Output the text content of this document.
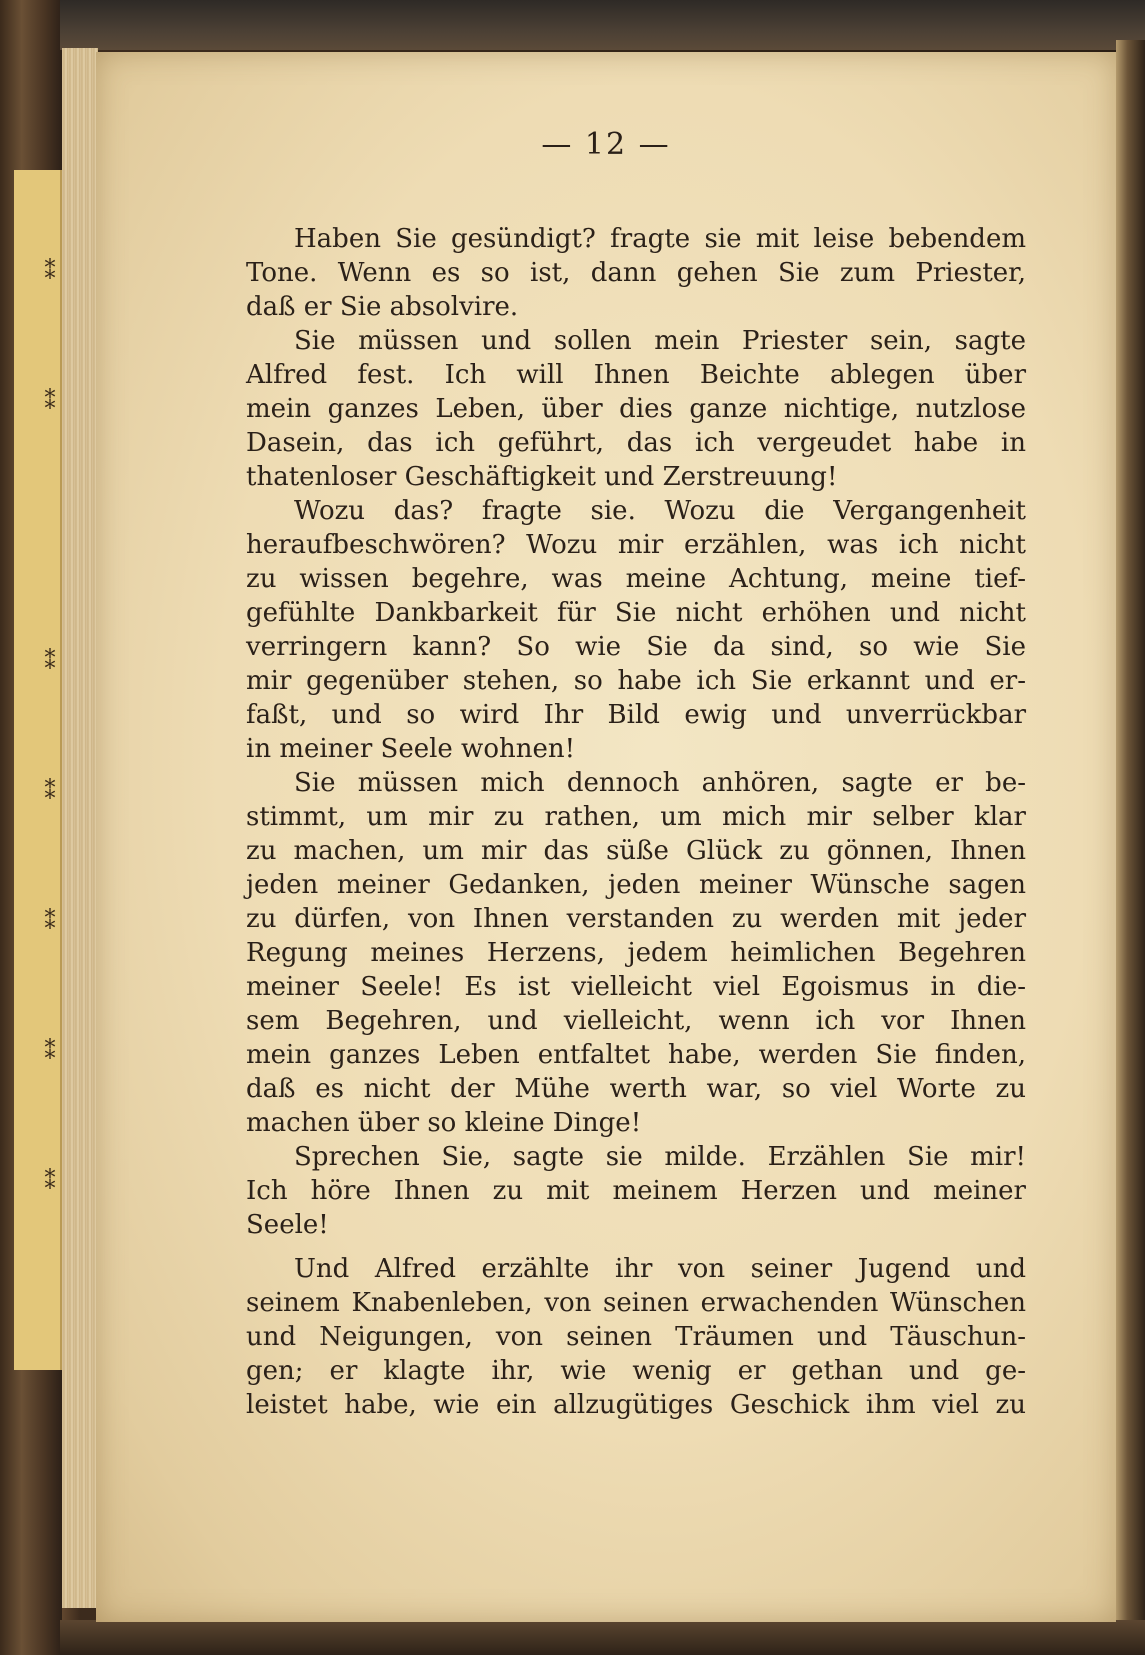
⁑
⁑
⁑
⁑
⁑
⁑
⁑
— 12 —
Haben Sie gesündigt? fragte sie mit leise bebendem
Tone. Wenn es so ist, dann gehen Sie zum Priester,
daß er Sie absolvire.
Sie müssen und sollen mein Priester sein, sagte
Alfred fest. Ich will Ihnen Beichte ablegen über
mein ganzes Leben, über dies ganze nichtige, nutzlose
Dasein, das ich geführt, das ich vergeudet habe in
thatenloser Geschäftigkeit und Zerstreuung!
Wozu das? fragte sie. Wozu die Vergangenheit
heraufbeschwören? Wozu mir erzählen, was ich nicht
zu wissen begehre, was meine Achtung, meine tief-
gefühlte Dankbarkeit für Sie nicht erhöhen und nicht
verringern kann? So wie Sie da sind, so wie Sie
mir gegenüber stehen, so habe ich Sie erkannt und er-
faßt, und so wird Ihr Bild ewig und unverrückbar
in meiner Seele wohnen!
Sie müssen mich dennoch anhören, sagte er be-
stimmt, um mir zu rathen, um mich mir selber klar
zu machen, um mir das süße Glück zu gönnen, Ihnen
jeden meiner Gedanken, jeden meiner Wünsche sagen
zu dürfen, von Ihnen verstanden zu werden mit jeder
Regung meines Herzens, jedem heimlichen Begehren
meiner Seele! Es ist vielleicht viel Egoismus in die-
sem Begehren, und vielleicht, wenn ich vor Ihnen
mein ganzes Leben entfaltet habe, werden Sie finden,
daß es nicht der Mühe werth war, so viel Worte zu
machen über so kleine Dinge!
Sprechen Sie, sagte sie milde. Erzählen Sie mir!
Ich höre Ihnen zu mit meinem Herzen und meiner
Seele!
Und Alfred erzählte ihr von seiner Jugend und
seinem Knabenleben, von seinen erwachenden Wünschen
und Neigungen, von seinen Träumen und Täuschun-
gen; er klagte ihr, wie wenig er gethan und ge-
leistet habe, wie ein allzugütiges Geschick ihm viel zu
